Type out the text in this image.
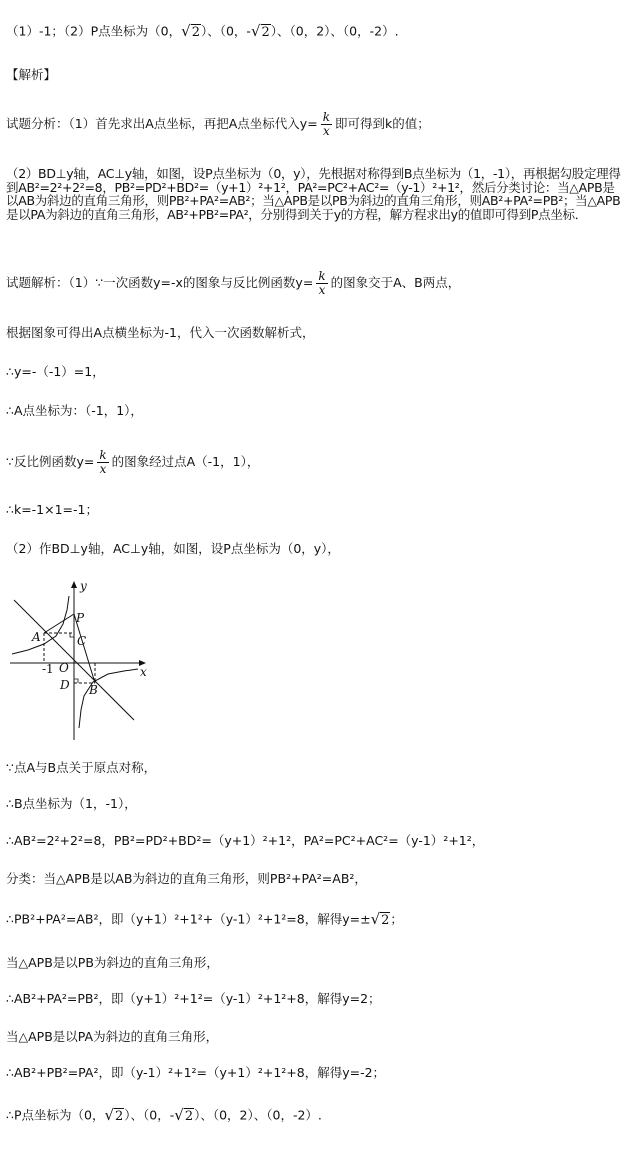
（1）-1；（2）P点坐标为（0，√2）、（0，-√2）、（0，2）、（0，-2）.
【解析】
试题分析：（1）首先求出A点坐标，再把A点坐标代入$y= \frac{k}{x}$ 即可得到k的值；
（2）BD⊥y轴，AC⊥y轴，如图，设P点坐标为（0，y），先根据对称得到B点坐标为（1，-1），再根据勾股定理得到AB²=2²+2²=8，PB²=PD²+BD²=（y+1）²+1²，PA²=PC²+AC²=（y-1）²+1²，然后分类讨论：当△APB是以AB为斜边的直角三角形，则PB²+PA²=AB²；当△APB是以PB为斜边的直角三角形，则AB²+PA²=PB²；当△APB是以PA为斜边的直角三角形，AB²+PB²=PA²，分别得到关于y的方程，解方程求出y的值即可得到P点坐标．
试题解析：（1）∵一次函数y=-x的图象与反比例函数$y= \frac{k}{x}$ 的图象交于A、B两点，
根据图象可得出A点横坐标为-1，代入一次函数解析式，
∴y=-（-1）=1，
∴A点坐标为：（-1，1），
∵反比例函数$y= \frac{k}{x}$ 的图象经过点A（-1，1），
∴k=-1×1=-1；
（2）作BD⊥y轴，AC⊥y轴，如图，设P点坐标为（0，y），
y
x
P
A	C
O
-1
D B
∵点A与B点关于原点对称，
∴B点坐标为（1，-1），
∴AB²=2²+2²=8，PB²=PD²+BD²=（y+1）²+1²，PA²=PC²+AC²=（y-1）²+1²，
分类：当△APB是以AB为斜边的直角三角形，则PB²+PA²=AB²，
∴PB²+PA²=AB²，即（y+1）²+1²+（y-1）²+1²=8，解得y=±√2；
当△APB是以PB为斜边的直角三角形，
∴AB²+PA²=PB²，即（y+1）²+1²=（y-1）²+1²+8，解得y=2；
当△APB是以PA为斜边的直角三角形，
∴AB²+PB²=PA²，即（y-1）²+1²=（y+1）²+1²+8，解得y=-2；
∴P点坐标为（0，√2）、（0，-√2）、（0，2）、（0，-2）.
